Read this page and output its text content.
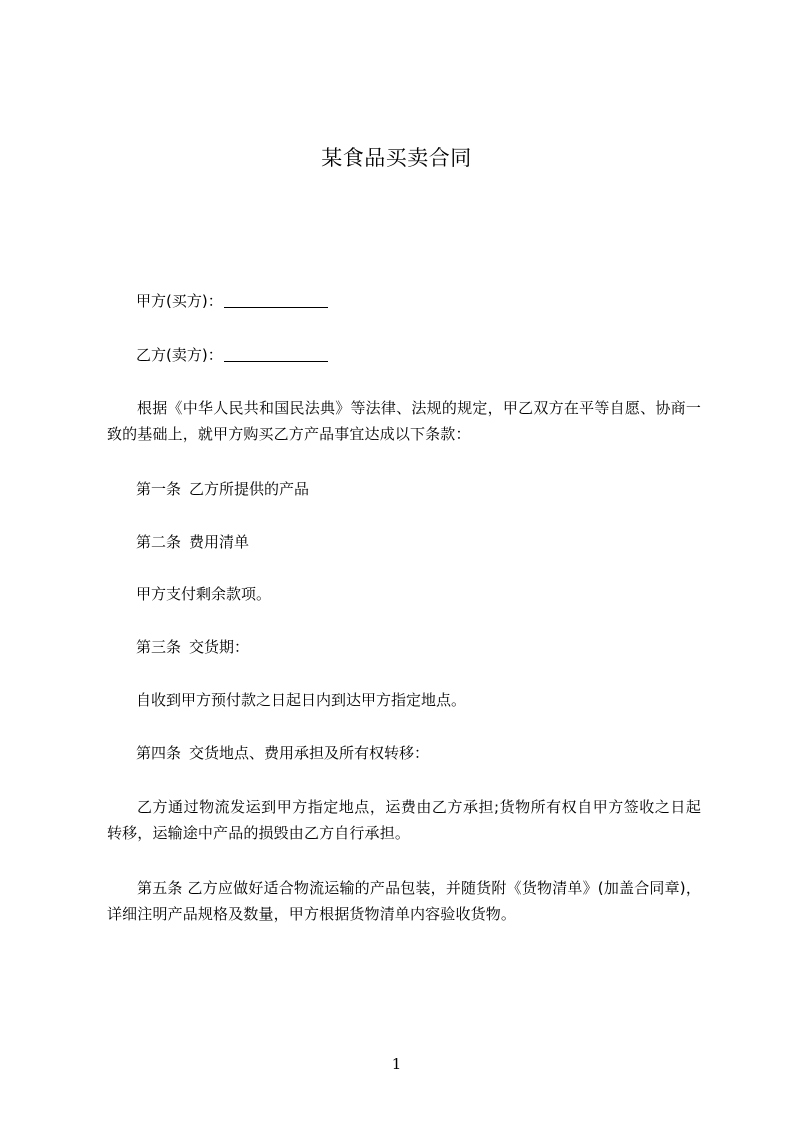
某食品买卖合同
甲方(买方)：
乙方(卖方)：
根据《中华人民共和国民法典》等法律、法规的规定，甲乙双方在平等自愿、协商一致的基础上，就甲方购买乙方产品事宜达成以下条款：
第一条 乙方所提供的产品
第二条 费用清单
甲方支付剩余款项。
第三条 交货期：
自收到甲方预付款之日起日内到达甲方指定地点。
第四条 交货地点、费用承担及所有权转移：
乙方通过物流发运到甲方指定地点，运费由乙方承担;货物所有权自甲方签收之日起转移，运输途中产品的损毁由乙方自行承担。
第五条 乙方应做好适合物流运输的产品包装，并随货附《货物清单》(加盖合同章)，详细注明产品规格及数量，甲方根据货物清单内容验收货物。
1
